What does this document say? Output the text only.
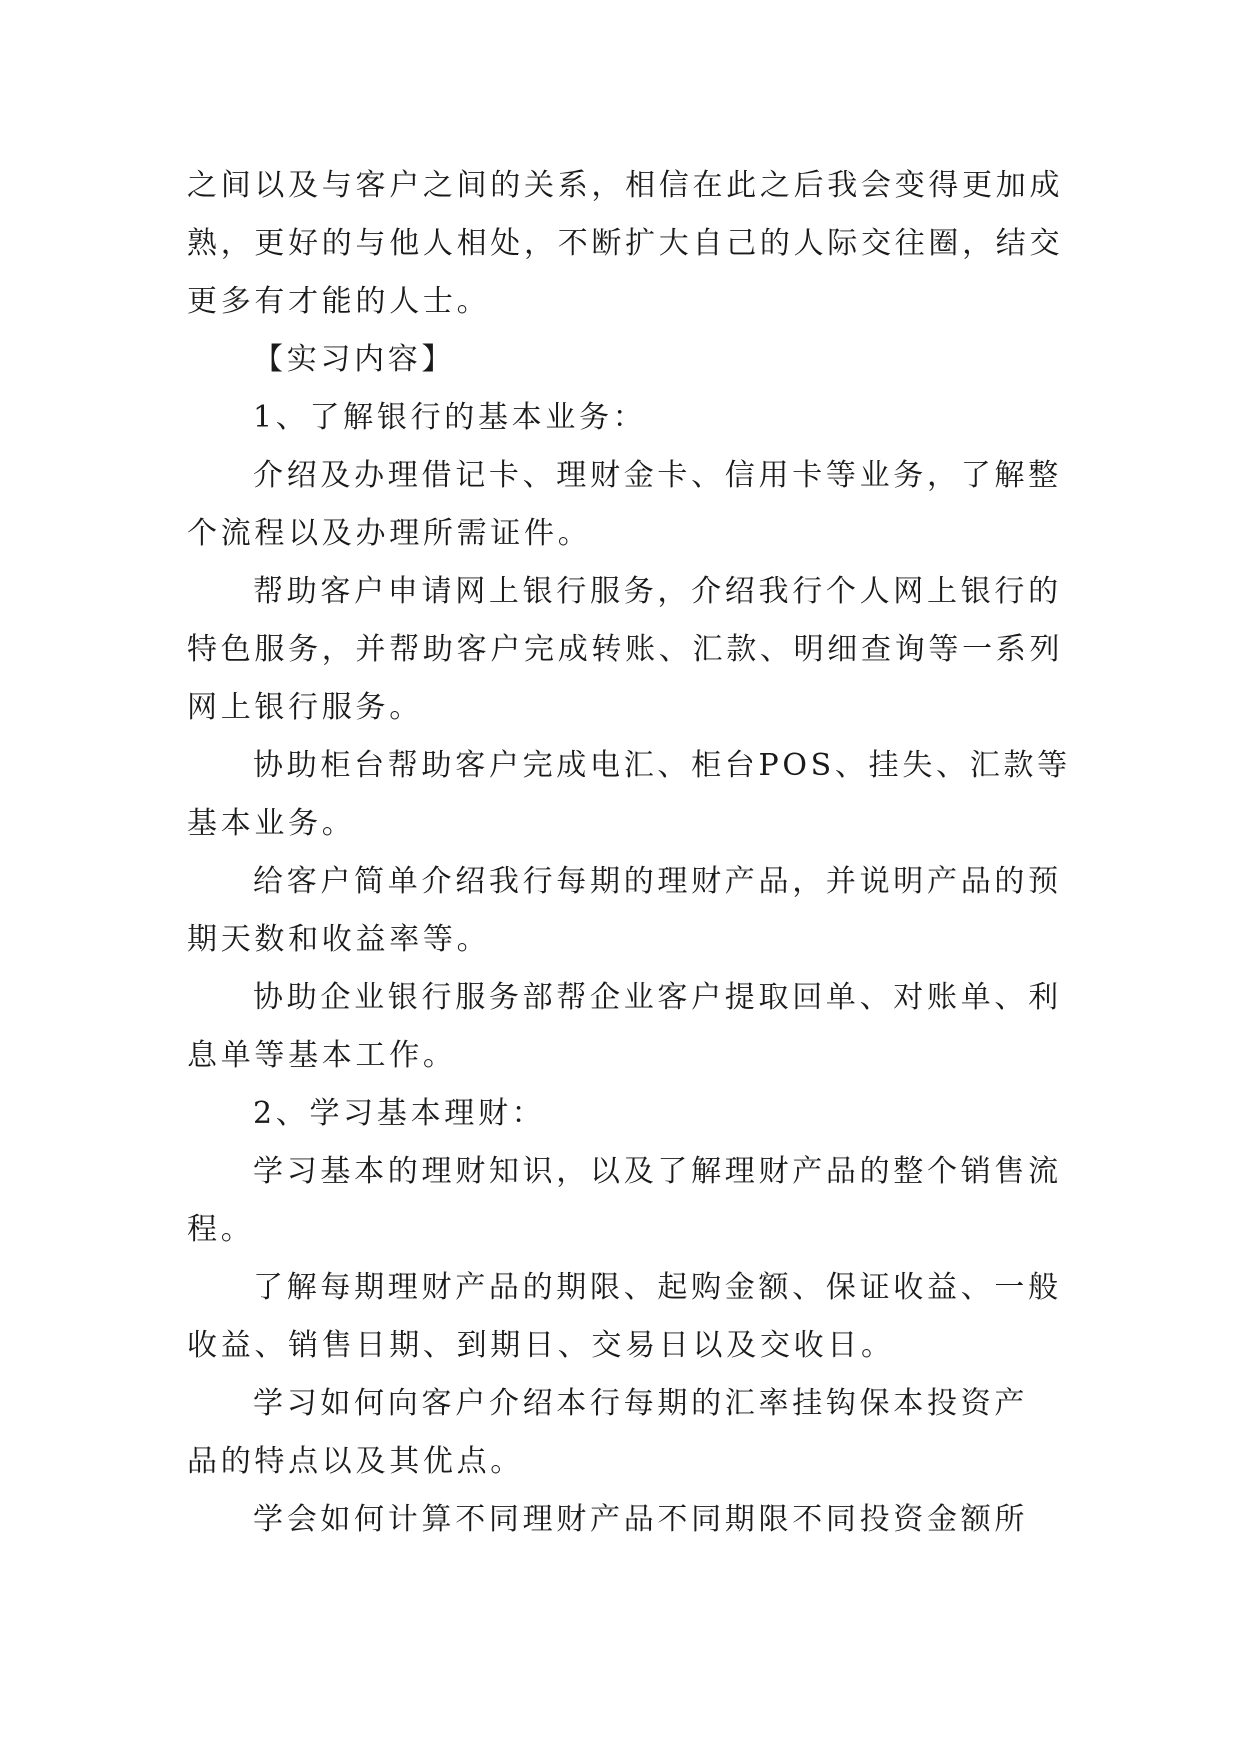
之间以及与客户之间的关系，相信在此之后我会变得更加成
熟，更好的与他人相处，不断扩大自己的人际交往圈，结交
更多有才能的人士。
【实习内容】
1、了解银行的基本业务：
介绍及办理借记卡、理财金卡、信用卡等业务，了解整
个流程以及办理所需证件。
帮助客户申请网上银行服务，介绍我行个人网上银行的
特色服务，并帮助客户完成转账、汇款、明细查询等一系列
网上银行服务。
协助柜台帮助客户完成电汇、柜台POS、挂失、汇款等
基本业务。
给客户简单介绍我行每期的理财产品，并说明产品的预
期天数和收益率等。
协助企业银行服务部帮企业客户提取回单、对账单、利
息单等基本工作。
2、学习基本理财：
学习基本的理财知识，以及了解理财产品的整个销售流
程。
了解每期理财产品的期限、起购金额、保证收益、一般
收益、销售日期、到期日、交易日以及交收日。
学习如何向客户介绍本行每期的汇率挂钩保本投资产
品的特点以及其优点。
学会如何计算不同理财产品不同期限不同投资金额所
